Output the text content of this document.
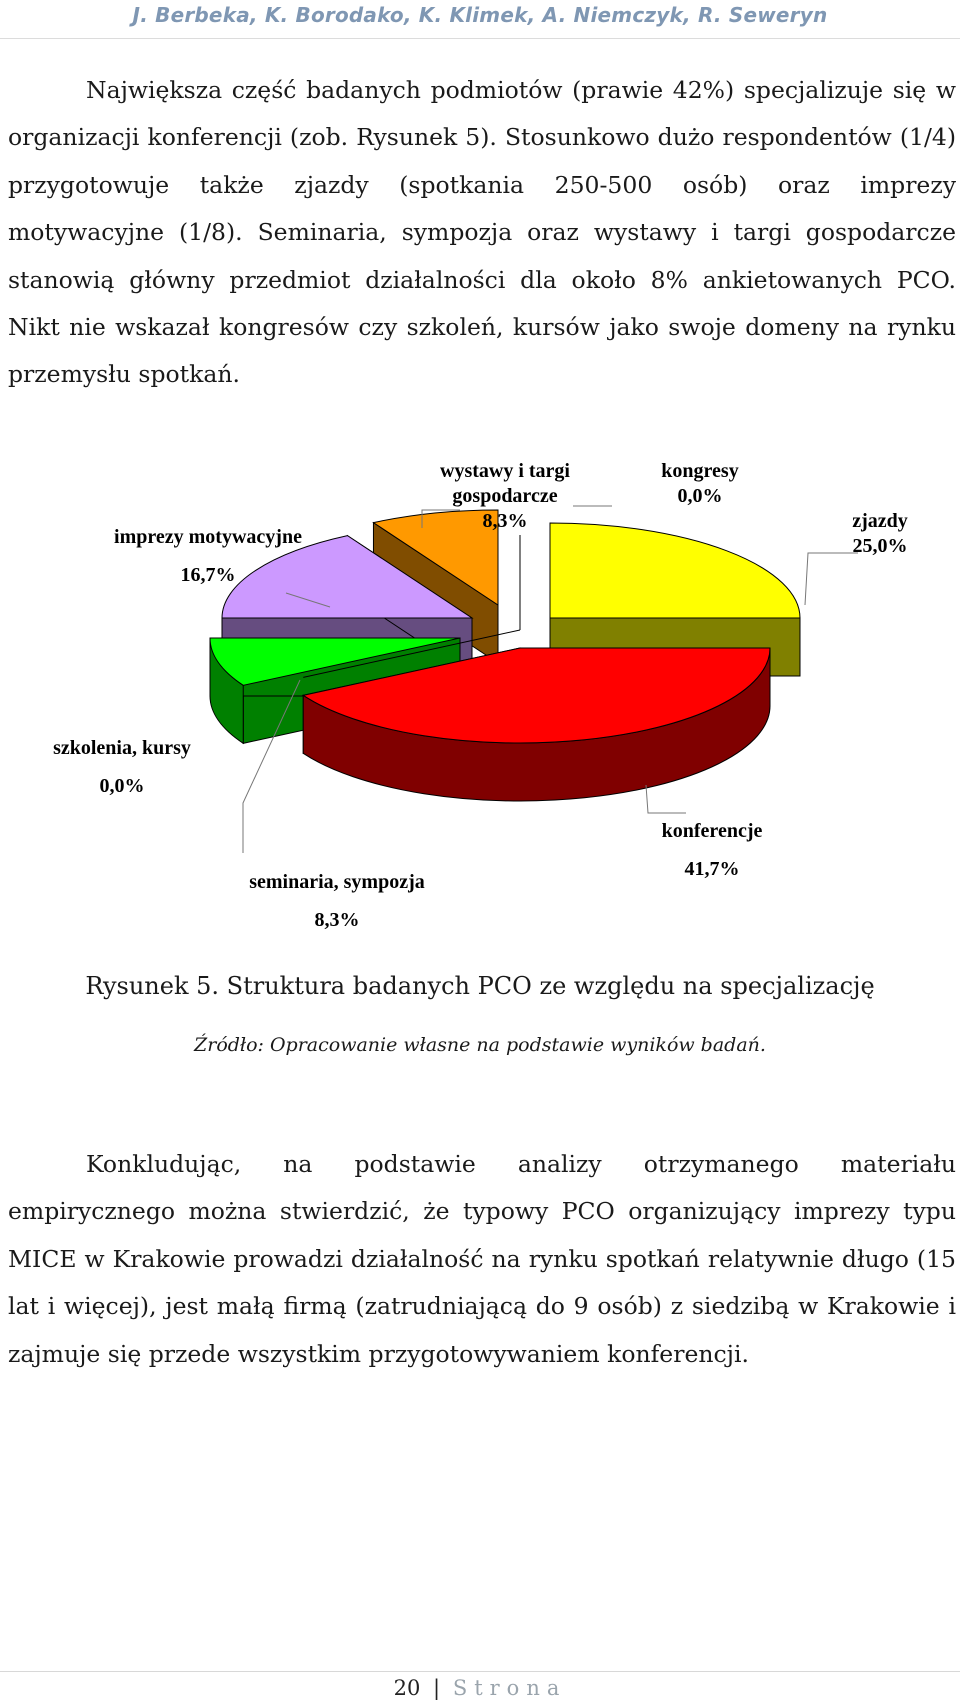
J. Berbeka, K. Borodako, K. Klimek, A. Niemczyk, R. Seweryn

Największa część badanych podmiotów (prawie 42%) specjalizuje się w organizacji konferencji (zob. Rysunek 5). Stosunkowo dużo respondentów (1/4) przygotowuje także zjazdy (spotkania 250-500 osób) oraz imprezy motywacyjne (1/8). Seminaria, sympozja oraz wystawy i targi gospodarcze stanowią główny przedmiot działalności dla około 8% ankietowanych PCO. Nikt nie wskazał kongresów czy szkoleń, kursów jako swoje domeny na rynku przemysłu spotkań.

zjazdy 25,0%
konferencje 41,7%
szkolenia, kursy 0,0%
seminaria, sympozja 8,3%
imprezy motywacyjne 16,7%
wystawy i targi gospodarcze 8,3%
kongresy 0,0%

Rysunek 5. Struktura badanych PCO ze względu na specjalizację

Źródło: Opracowanie własne na podstawie wyników badań.

Konkludując, na podstawie analizy otrzymanego materiału empirycznego można stwierdzić, że typowy PCO organizujący imprezy typu MICE w Krakowie prowadzi działalność na rynku spotkań relatywnie długo (15 lat i więcej), jest małą firmą (zatrudniającą do 9 osób) z siedzibą w Krakowie i zajmuje się przede wszystkim przygotowywaniem konferencji.

20 | Strona
